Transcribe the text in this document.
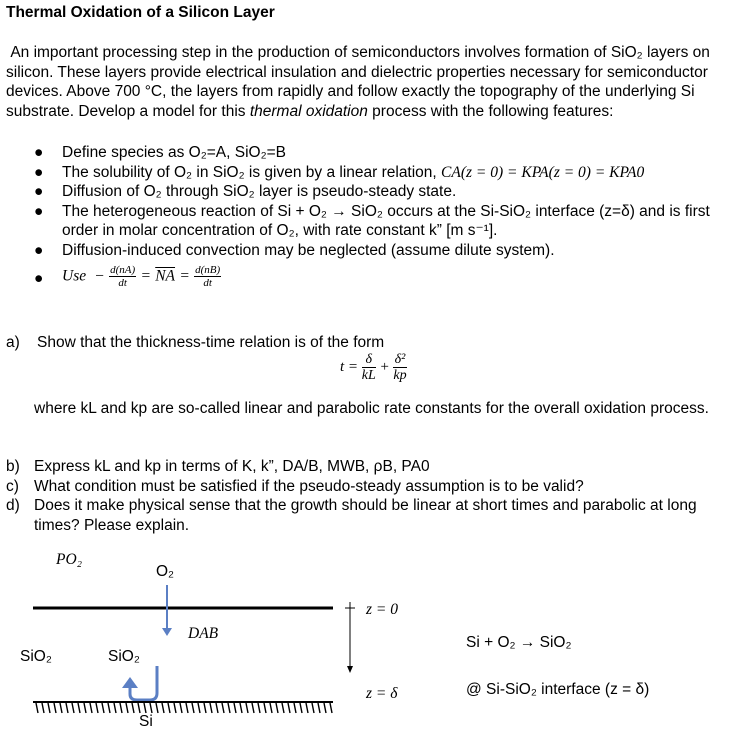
Thermal Oxidation of a Silicon Layer
An important processing step in the production of semiconductors involves formation of SiO₂ layers on silicon. These layers provide electrical insulation and dielectric properties necessary for semiconductor devices. Above 700 °C, the layers from rapidly and follow exactly the topography of the underlying Si substrate. Develop a model for this thermal oxidation process with the following features:
● Define species as O₂=A, SiO₂=B
● The solubility of O₂ in SiO₂ is given by a linear relation, CA(z = 0) = KPA(z = 0) = KPA0
● Diffusion of O₂ through SiO₂ layer is pseudo-steady state.
● The heterogeneous reaction of Si + O₂ → SiO₂ occurs at the Si-SiO₂ interface (z=δ) and is first order in molar concentration of O₂, with rate constant k” [m s⁻¹].
● Diffusion-induced convection may be neglected (assume dilute system).
● Use  − $\frac{d(nA)}{dt} = \overline{NA} = \frac{d(nB)}{dt}$
a) Show that the thickness-time relation is of the form
$t = \frac{\delta}{kL} + \frac{\text{δ²}}{kp}$
where kL and kp are so-called linear and parabolic rate constants for the overall oxidation process.
b) Express kL and kp in terms of K, k”, DA/B, MWB, ρB, PA0
c) What condition must be satisfied if the pseudo-steady assumption is to be valid?
d) Does it make physical sense that the growth should be linear at short times and parabolic at long times? Please explain.
PO₂
O₂
DAB
SiO₂	SiO₂
Si
z = 0
z = δ
Si + O₂ → SiO₂
@ Si-SiO₂ interface (z = δ)
